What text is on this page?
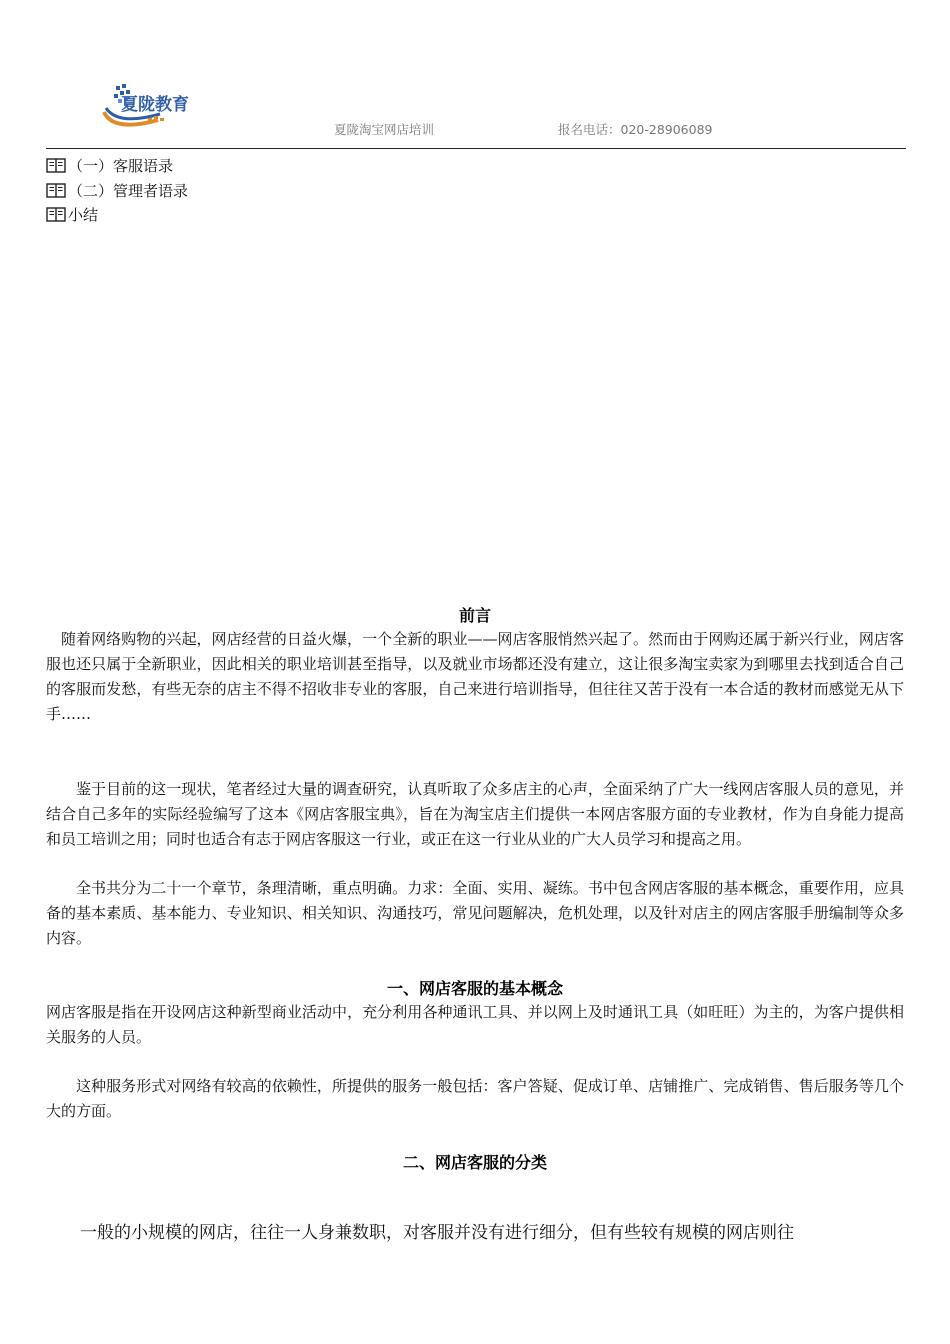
夏陇教育
夏陇淘宝网店培训	报名电话：020-28906089
（一）客服语录
（二）管理者语录
小结
前言
随着网络购物的兴起，网店经营的日益火爆，一个全新的职业——网店客服悄然兴起了。然而由于网购还属于新兴行业，网店客服也还只属于全新职业，因此相关的职业培训甚至指导，以及就业市场都还没有建立，这让很多淘宝卖家为到哪里去找到适合自己的客服而发愁，有些无奈的店主不得不招收非专业的客服，自己来进行培训指导，但往往又苦于没有一本合适的教材而感觉无从下手……
鉴于目前的这一现状，笔者经过大量的调查研究，认真听取了众多店主的心声，全面采纳了广大一线网店客服人员的意见，并结合自己多年的实际经验编写了这本《网店客服宝典》，旨在为淘宝店主们提供一本网店客服方面的专业教材，作为自身能力提高和员工培训之用；同时也适合有志于网店客服这一行业，或正在这一行业从业的广大人员学习和提高之用。
全书共分为二十一个章节，条理清晰，重点明确。力求：全面、实用、凝练。书中包含网店客服的基本概念，重要作用，应具备的基本素质、基本能力、专业知识、相关知识、沟通技巧，常见问题解决，危机处理，以及针对店主的网店客服手册编制等众多内容。
一、网店客服的基本概念
网店客服是指在开设网店这种新型商业活动中，充分利用各种通讯工具、并以网上及时通讯工具（如旺旺）为主的，为客户提供相关服务的人员。
这种服务形式对网络有较高的依赖性，所提供的服务一般包括：客户答疑、促成订单、店铺推广、完成销售、售后服务等几个大的方面。
二、网店客服的分类
一般的小规模的网店，往往一人身兼数职，对客服并没有进行细分，但有些较有规模的网店则往
